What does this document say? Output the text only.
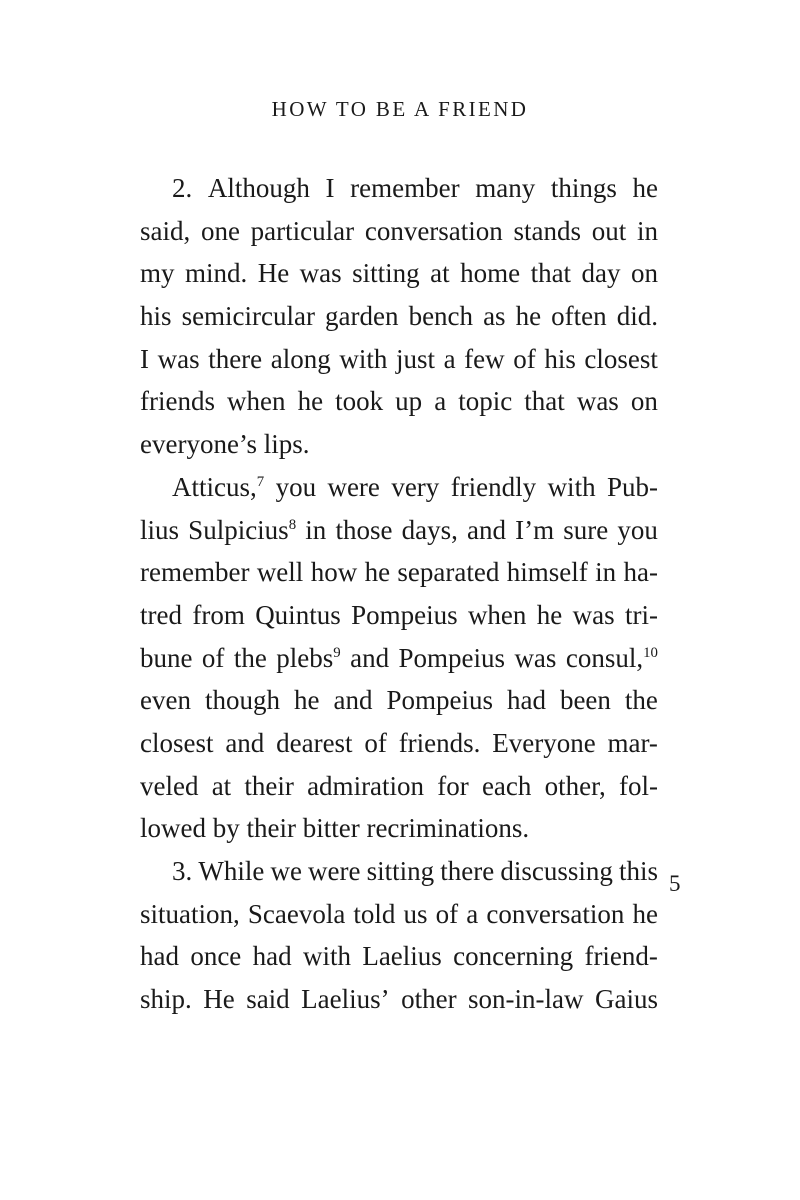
HOW TO BE A FRIEND

2. Although I remember many things he
said, one particular conversation stands out in
my mind. He was sitting at home that day on
his semicircular garden bench as he often did.
I was there along with just a few of his closest
friends when he took up a topic that was on
everyone’s lips.
Atticus,$^7$ you were very friendly with Pub-
lius Sulpicius$^8$ in those days, and I’m sure you
remember well how he separated himself in ha-
tred from Quintus Pompeius when he was tri-
bune of the plebs$^9$ and Pompeius was consul,$^{10}$
even though he and Pompeius had been the
closest and dearest of friends. Everyone mar-
veled at their admiration for each other, fol-
lowed by their bitter recriminations.
3. While we were sitting there discussing this
situation, Scaevola told us of a conversation he
had once had with Laelius concerning friend-
ship. He said Laelius’ other son-in-law Gaius

5
